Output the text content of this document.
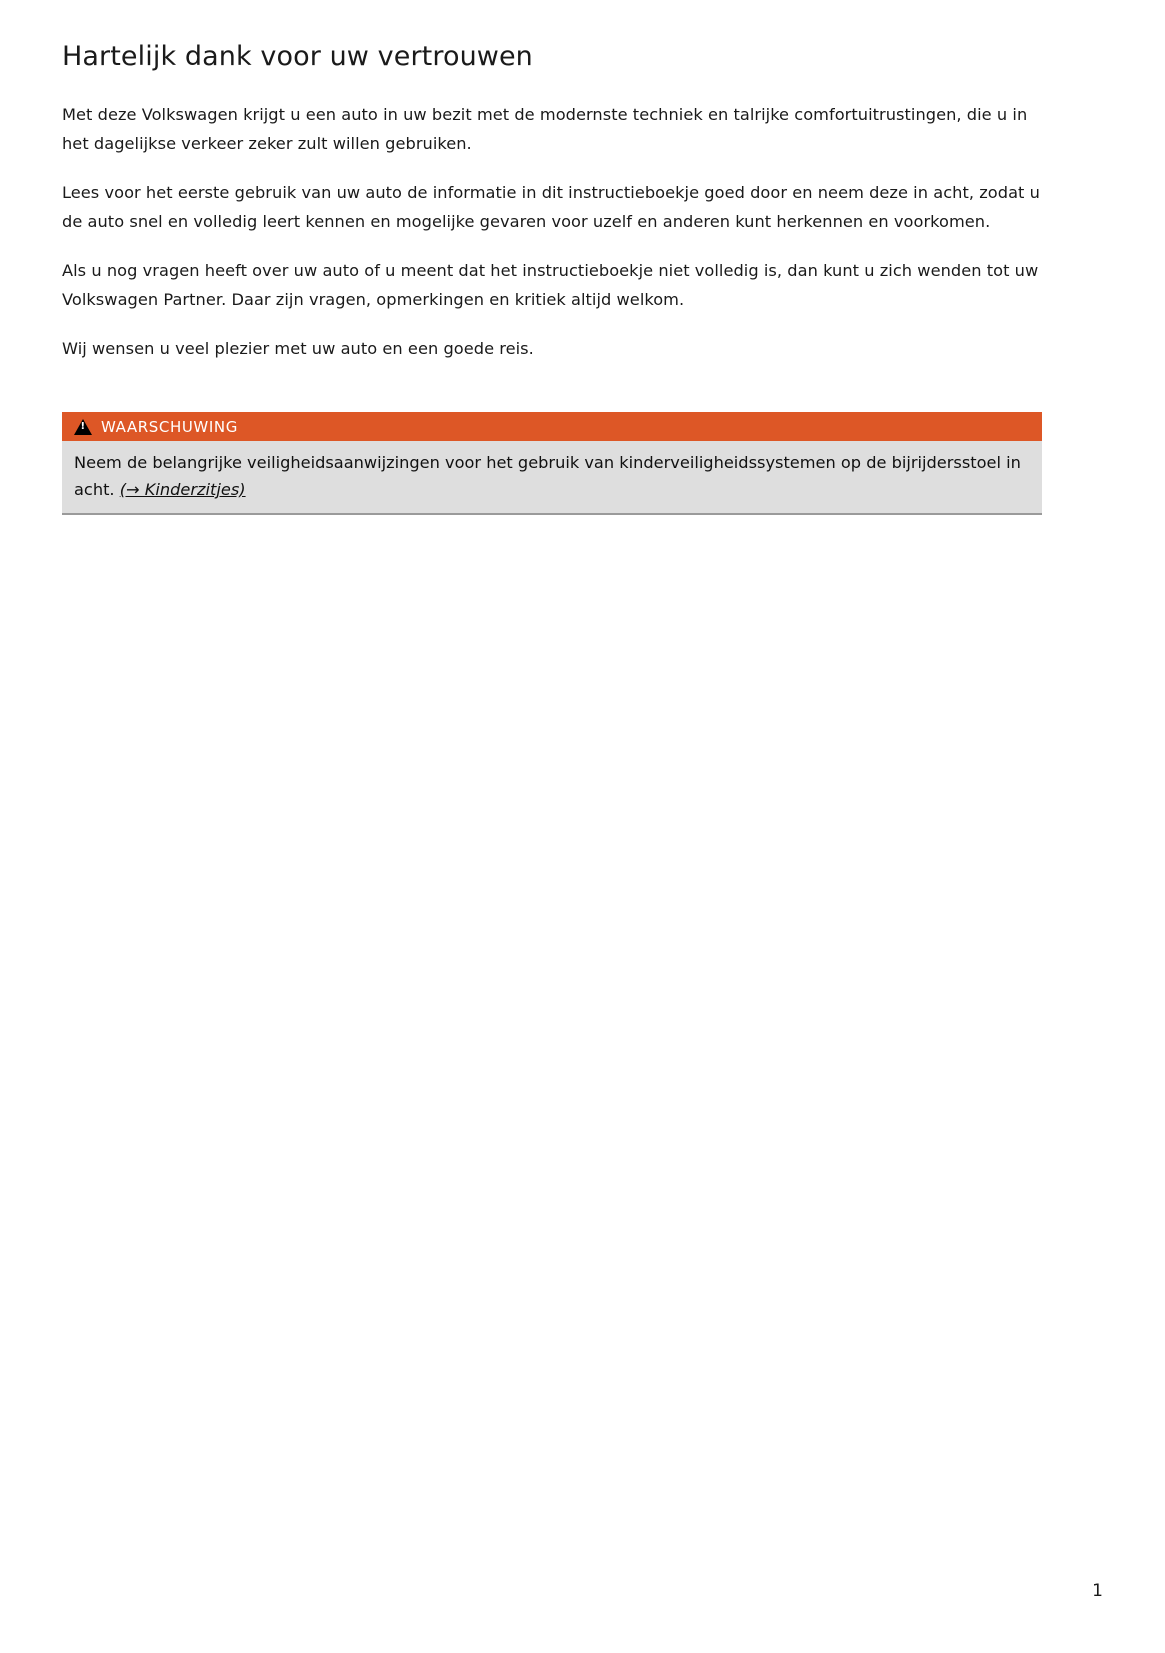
Hartelijk dank voor uw vertrouwen

Met deze Volkswagen krijgt u een auto in uw bezit met de modernste techniek en talrijke comfortuitrustingen, die u in het dagelijkse verkeer zeker zult willen gebruiken.

Lees voor het eerste gebruik van uw auto de informatie in dit instructieboekje goed door en neem deze in acht, zodat u de auto snel en volledig leert kennen en mogelijke gevaren voor uzelf en anderen kunt herkennen en voorkomen.

Als u nog vragen heeft over uw auto of u meent dat het instructieboekje niet volledig is, dan kunt u zich wenden tot uw Volkswagen Partner. Daar zijn vragen, opmerkingen en kritiek altijd welkom.

Wij wensen u veel plezier met uw auto en een goede reis.

!
WAARSCHUWING
Neem de belangrijke veiligheidsaanwijzingen voor het gebruik van kinderveiligheidssystemen op de bijrijdersstoel in acht. (→ Kinderzitjes)
1
